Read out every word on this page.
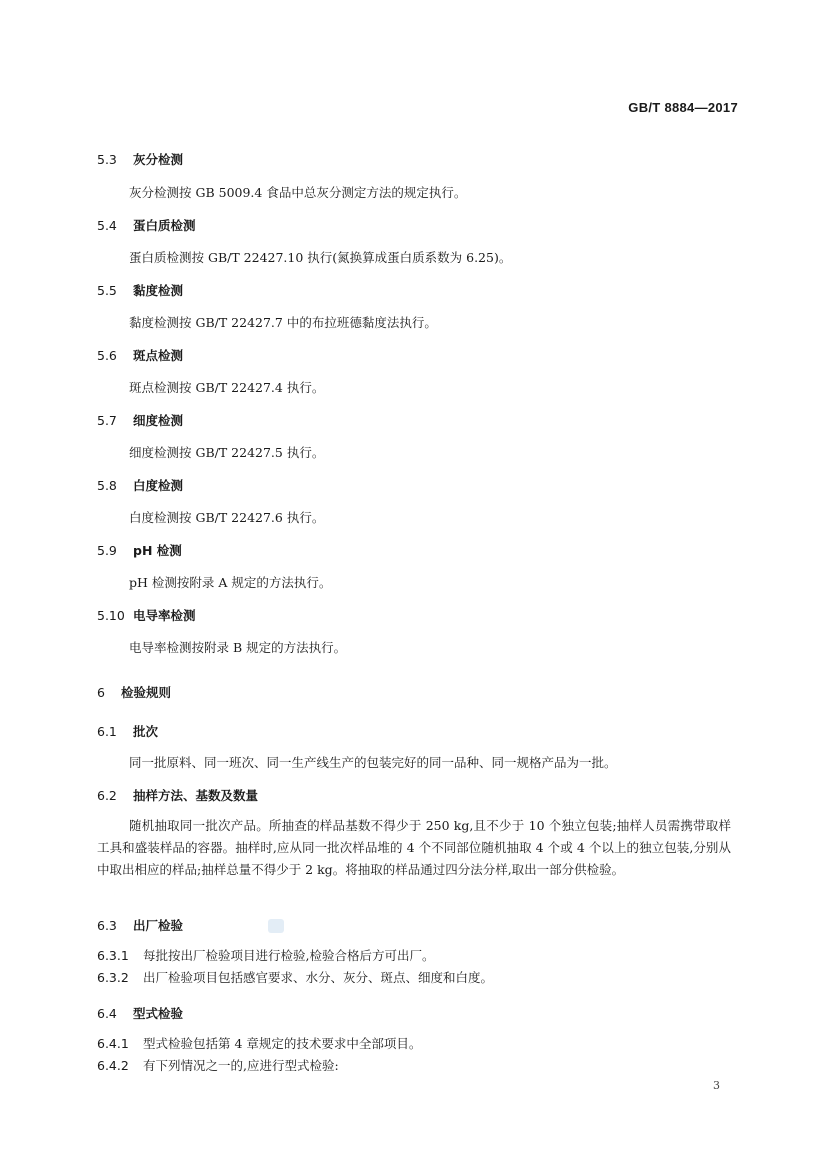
GB/T 8884—2017
5.3 灰分检测
灰分检测按 GB 5009.4 食品中总灰分测定方法的规定执行。
5.4 蛋白质检测
蛋白质检测按 GB/T 22427.10 执行(氮换算成蛋白质系数为 6.25)。
5.5 黏度检测
黏度检测按 GB/T 22427.7 中的布拉班德黏度法执行。
5.6 斑点检测
斑点检测按 GB/T 22427.4 执行。
5.7 细度检测
细度检测按 GB/T 22427.5 执行。
5.8 白度检测
白度检测按 GB/T 22427.6 执行。
5.9 pH 检测
pH 检测按附录 A 规定的方法执行。
5.10 电导率检测
电导率检测按附录 B 规定的方法执行。
6 检验规则
6.1 批次
同一批原料、同一班次、同一生产线生产的包装完好的同一品种、同一规格产品为一批。
6.2 抽样方法、基数及数量
随机抽取同一批次产品。所抽查的样品基数不得少于 250 kg,且不少于 10 个独立包装;抽样人员需携带取样工具和盛装样品的容器。抽样时,应从同一批次样品堆的 4 个不同部位随机抽取 4 个或 4 个以上的独立包装,分别从中取出相应的样品;抽样总量不得少于 2 kg。将抽取的样品通过四分法分样,取出一部分供检验。
6.3 出厂检验
6.3.1 每批按出厂检验项目进行检验,检验合格后方可出厂。
6.3.2 出厂检验项目包括感官要求、水分、灰分、斑点、细度和白度。
6.4 型式检验
6.4.1 型式检验包括第 4 章规定的技术要求中全部项目。
6.4.2 有下列情况之一的,应进行型式检验:
3
